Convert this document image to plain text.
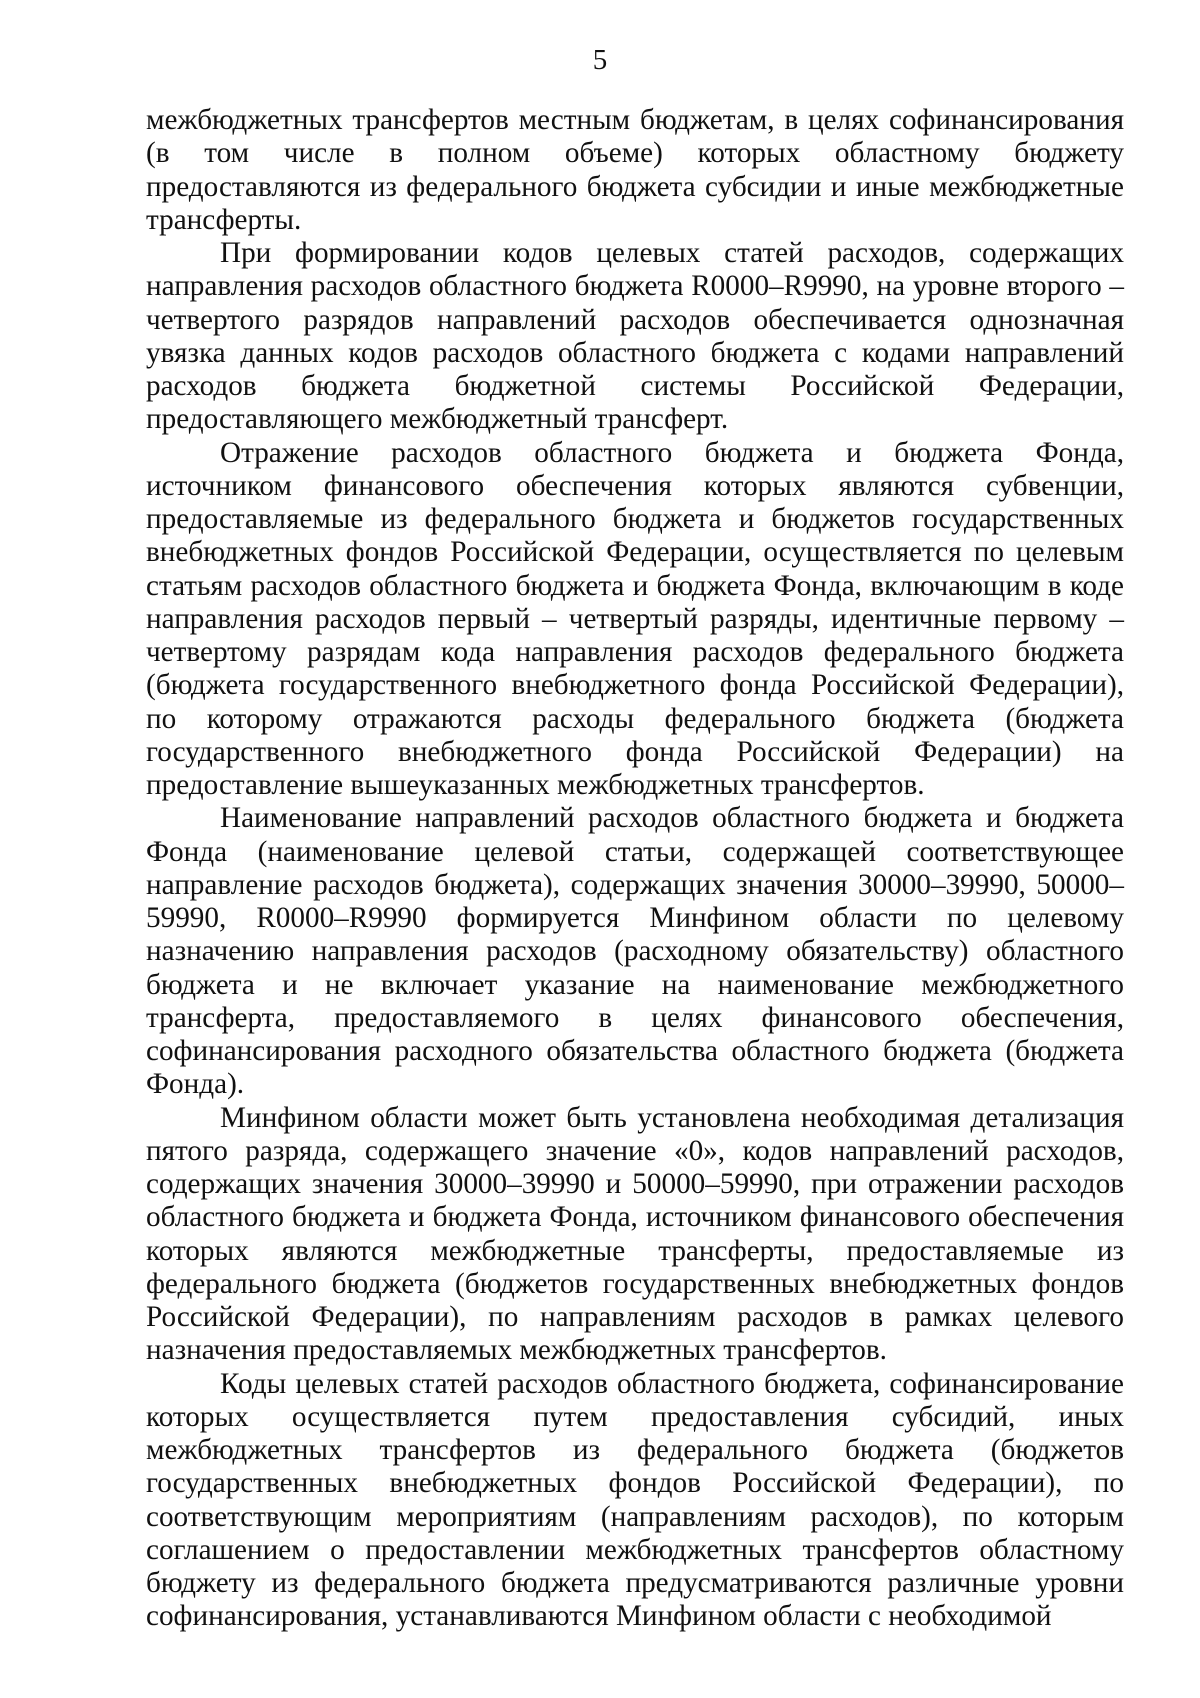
5

межбюджетных трансфертов местным бюджетам, в целях софинансирования (в том числе в полном объеме) которых областному бюджету предоставляются из федерального бюджета субсидии и иные межбюджетные трансферты.

При формировании кодов целевых статей расходов, содержащих направления расходов областного бюджета R0000–R9990, на уровне второго – четвертого разрядов направлений расходов обеспечивается однозначная увязка данных кодов расходов областного бюджета с кодами направлений расходов бюджета бюджетной системы Российской Федерации, предоставляющего межбюджетный трансферт.

Отражение расходов областного бюджета и бюджета Фонда, источником финансового обеспечения которых являются субвенции, предоставляемые из федерального бюджета и бюджетов государственных внебюджетных фондов Российской Федерации, осуществляется по целевым статьям расходов областного бюджета и бюджета Фонда, включающим в коде направления расходов первый – четвертый разряды, идентичные первому – четвертому разрядам кода направления расходов федерального бюджета (бюджета государственного внебюджетного фонда Российской Федерации), по которому отражаются расходы федерального бюджета (бюджета государственного внебюджетного фонда Российской Федерации) на предоставление вышеуказанных межбюджетных трансфертов.

Наименование направлений расходов областного бюджета и бюджета Фонда (наименование целевой статьи, содержащей соответствующее направление расходов бюджета), содержащих значения 30000–39990, 50000–59990, R0000–R9990 формируется Минфином области по целевому назначению направления расходов (расходному обязательству) областного бюджета и не включает указание на наименование межбюджетного трансферта, предоставляемого в целях финансового обеспечения, софинансирования расходного обязательства областного бюджета (бюджета Фонда).

Минфином области может быть установлена необходимая детализация пятого разряда, содержащего значение «0», кодов направлений расходов, содержащих значения 30000–39990 и 50000–59990, при отражении расходов областного бюджета и бюджета Фонда, источником финансового обеспечения которых являются межбюджетные трансферты, предоставляемые из федерального бюджета (бюджетов государственных внебюджетных фондов Российской Федерации), по направлениям расходов в рамках целевого назначения предоставляемых межбюджетных трансфертов.

Коды целевых статей расходов областного бюджета, софинансирование которых осуществляется путем предоставления субсидий, иных межбюджетных трансфертов из федерального бюджета (бюджетов государственных внебюджетных фондов Российской Федерации), по соответствующим мероприятиям (направлениям расходов), по которым соглашением о предоставлении межбюджетных трансфертов областному бюджету из федерального бюджета предусматриваются различные уровни софинансирования, устанавливаются Минфином области с необходимой
